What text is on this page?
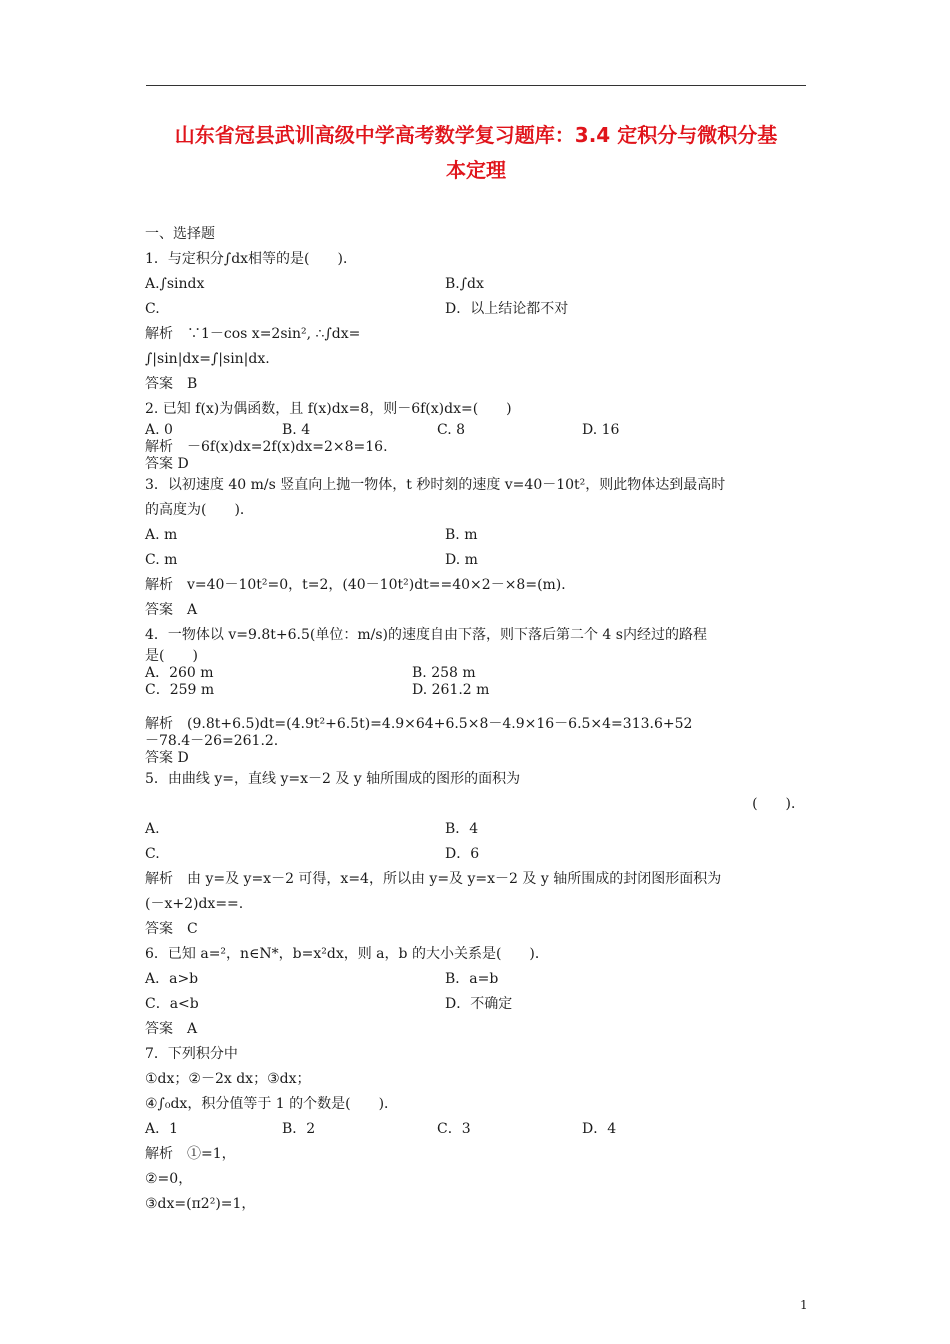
山东省冠县武训高级中学高考数学复习题库：3.4 定积分与微积分基
本定理
一、选择题
1．与定积分∫dx相等的是(　　)．
A.∫sindx	B.∫dx
C.	D．以上结论都不对
解析　∵1－cos x=2sin², ∴∫dx=
∫|sin|dx=∫|sin|dx.
答案　B
2. 已知 f(x)为偶函数，且 f(x)dx=8，则－6f(x)dx=(　　)
A. 0	B. 4	C. 8	D. 16
解析　－6f(x)dx=2f(x)dx=2×8=16.
答案 D
3．以初速度 40 m/s 竖直向上抛一物体，t 秒时刻的速度 v=40－10t²，则此物体达到最高时
的高度为(　　)．
A. m	B. m
C. m	D. m
解析　v=40－10t²=0，t=2，(40－10t²)dt==40×2－×8=(m)．
答案　A
4．一物体以 v=9.8t+6.5(单位：m/s)的速度自由下落，则下落后第二个 4 s内经过的路程
是(　　)
A．260 m	B. 258 m
C．259 m	D. 261.2 m
解析　(9.8t+6.5)dt=(4.9t²+6.5t)=4.9×64+6.5×8－4.9×16－6.5×4=313.6+52
－78.4－26=261.2.
答案 D
5．由曲线 y=，直线 y=x－2 及 y 轴所围成的图形的面积为
(　　)．
A.	B．4
C.	D．6
解析　由 y=及 y=x－2 可得，x=4，所以由 y=及 y=x－2 及 y 轴所围成的封闭图形面积为
(－x+2)dx==.
答案　C
6．已知 a=²，n∈N*，b=x²dx，则 a，b 的大小关系是(　　)．
A．a>b	B．a=b
C．a<b	D．不确定
答案　A
7．下列积分中
①dx；②－2x dx；③dx；
④∫₀dx，积分值等于 1 的个数是(　　)．
A．1	B．2	C．3	D．4
解析　①=1，
②=0，
③dx=(π2²)=1，
1
